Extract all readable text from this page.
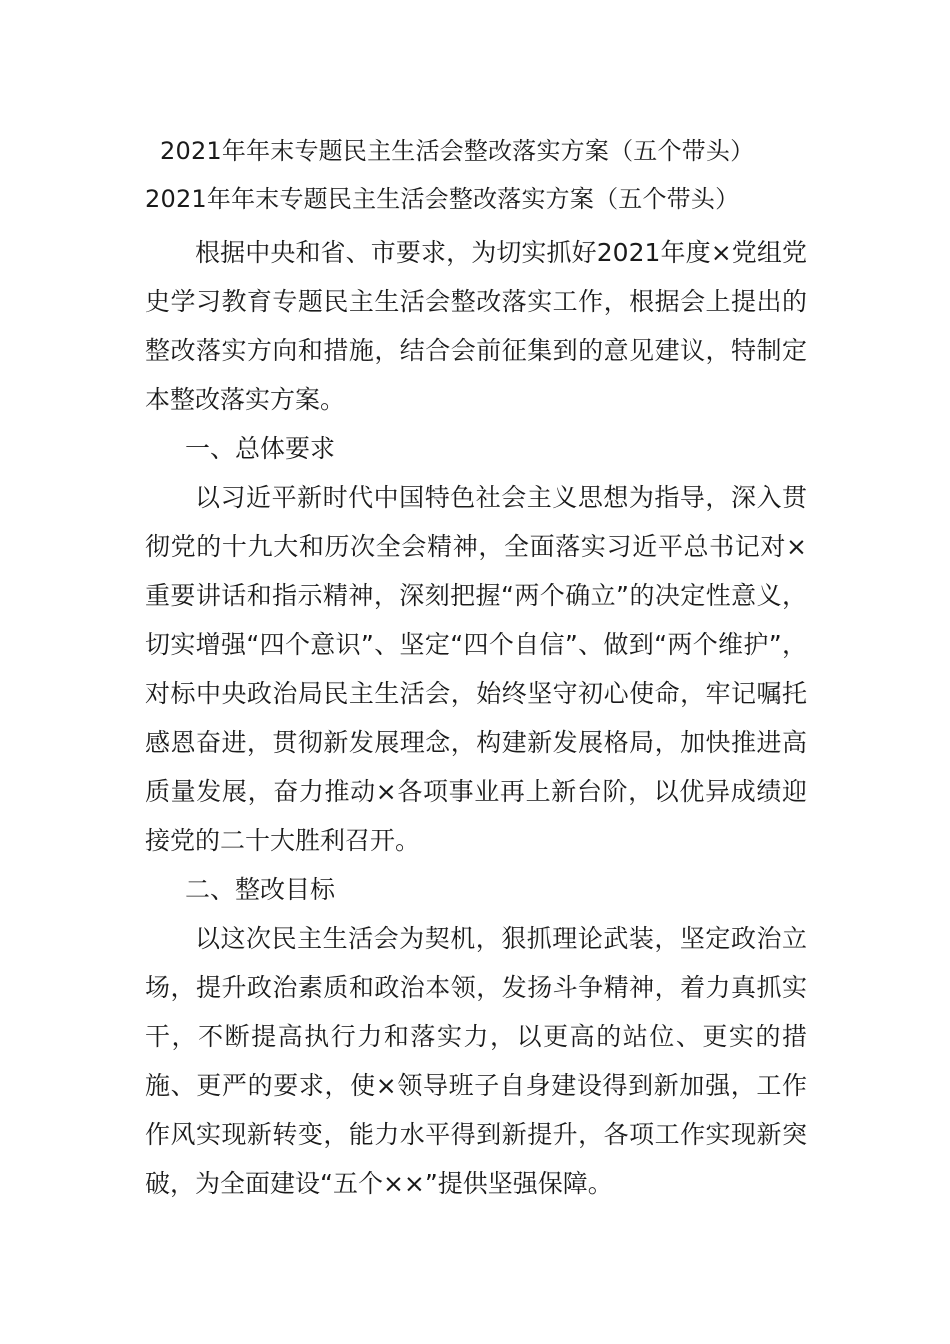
2021年年末专题民主生活会整改落实方案（五个带头）
2021年年末专题民主生活会整改落实方案（五个带头）

根据中央和省、市要求，为切实抓好2021年度×党组党史学习教育专题民主生活会整改落实工作，根据会上提出的整改落实方向和措施，结合会前征集到的意见建议，特制定本整改落实方案。

一、总体要求

以习近平新时代中国特色社会主义思想为指导，深入贯彻党的十九大和历次全会精神，全面落实习近平总书记对×重要讲话和指示精神，深刻把握“两个确立”的决定性意义，切实增强“四个意识”、坚定“四个自信”、做到“两个维护”，对标中央政治局民主生活会，始终坚守初心使命，牢记嘱托感恩奋进，贯彻新发展理念，构建新发展格局，加快推进高质量发展，奋力推动×各项事业再上新台阶，以优异成绩迎接党的二十大胜利召开。

二、整改目标

以这次民主生活会为契机，狠抓理论武装，坚定政治立场，提升政治素质和政治本领，发扬斗争精神，着力真抓实干，不断提高执行力和落实力，以更高的站位、更实的措施、更严的要求，使×领导班子自身建设得到新加强，工作作风实现新转变，能力水平得到新提升，各项工作实现新突破，为全面建设“五个××”提供坚强保障。
